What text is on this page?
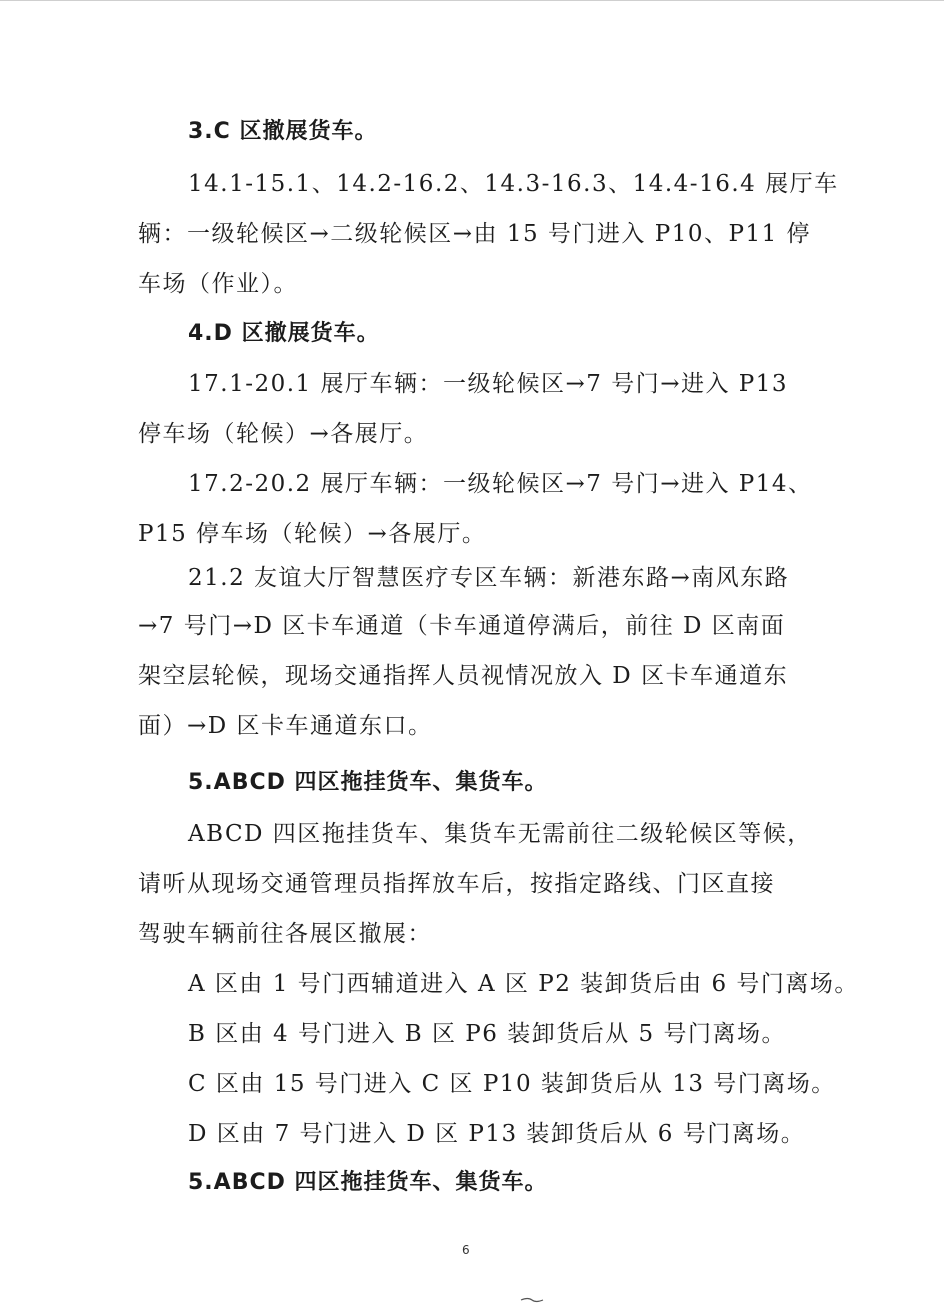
3.C 区撤展货车。
14.1-15.1、14.2-16.2、14.3-16.3、14.4-16.4 展厅车
辆：一级轮候区→二级轮候区→由 15 号门进入 P10、P11 停
车场（作业）。
4.D 区撤展货车。
17.1-20.1 展厅车辆：一级轮候区→7 号门→进入 P13
停车场（轮候）→各展厅。
17.2-20.2 展厅车辆：一级轮候区→7 号门→进入 P14、
P15 停车场（轮候）→各展厅。
21.2 友谊大厅智慧医疗专区车辆：新港东路→南风东路
→7 号门→D 区卡车通道（卡车通道停满后，前往 D 区南面
架空层轮候，现场交通指挥人员视情况放入 D 区卡车通道东
面）→D 区卡车通道东口。
5.ABCD 四区拖挂货车、集货车。
ABCD 四区拖挂货车、集货车无需前往二级轮候区等候，
请听从现场交通管理员指挥放车后，按指定路线、门区直接
驾驶车辆前往各展区撤展：
A 区由 1 号门西辅道进入 A 区 P2 装卸货后由 6 号门离场。
B 区由 4 号门进入 B 区 P6 装卸货后从 5 号门离场。
C 区由 15 号门进入 C 区 P10 装卸货后从 13 号门离场。
D 区由 7 号门进入 D 区 P13 装卸货后从 6 号门离场。
5.ABCD 四区拖挂货车、集货车。
6
